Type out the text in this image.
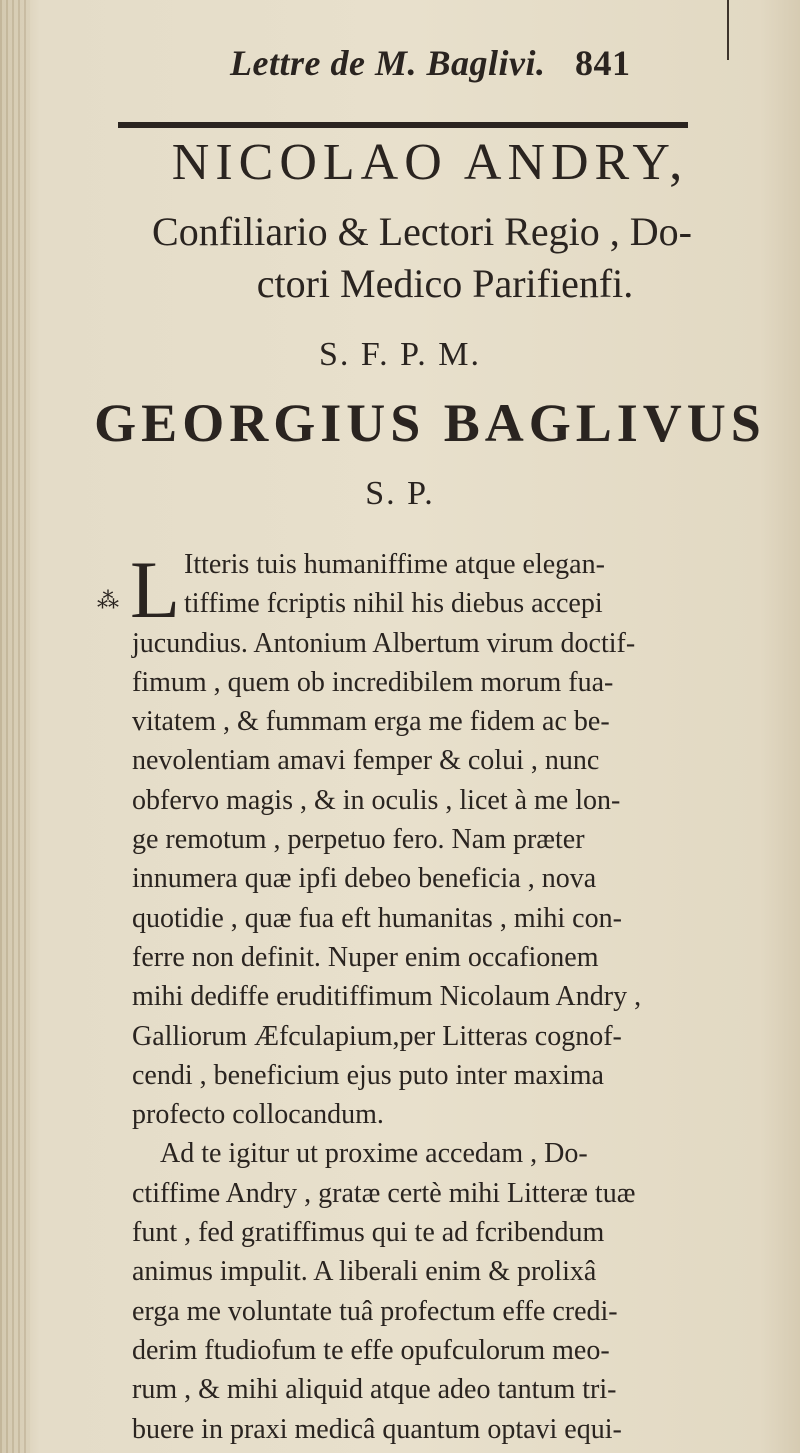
Lettre de M. Baglivi. 841
NICOLAO ANDRY,
Confiliario & Lectori Regio , Do-
ctori Medico Parifienfi.
S. F. P. M.
GEORGIUS BAGLIVUS
S. P.
⁂ L Itteris tuis humaniffime atque elegan-
tiffime fcriptis nihil his diebus accepi
jucundius. Antonium Albertum virum doctif-
fimum , quem ob incredibilem morum fua-
vitatem , & fummam erga me fidem ac be-
nevolentiam amavi femper & colui , nunc
obfervo magis , & in oculis , licet à me lon-
ge remotum , perpetuo fero. Nam præter
innumera quæ ipfi debeo beneficia , nova
quotidie , quæ fua eft humanitas , mihi con-
ferre non definit. Nuper enim occafionem
mihi dediffe eruditiffimum Nicolaum Andry ,
Galliorum Æfculapium,per Litteras cognof-
cendi , beneficium ejus puto inter maxima
profecto collocandum.
Ad te igitur ut proxime accedam , Do-
ctiffime Andry , gratæ certè mihi Litteræ tuæ
funt , fed gratiffimus qui te ad fcribendum
animus impulit. A liberali enim & prolixâ
erga me voluntate tuâ profectum effe credi-
derim ftudiofum te effe opufculorum meo-
rum , & mihi aliquid atque adeo tantum tri-
buere in praxi medicâ quantum optavi equi-
